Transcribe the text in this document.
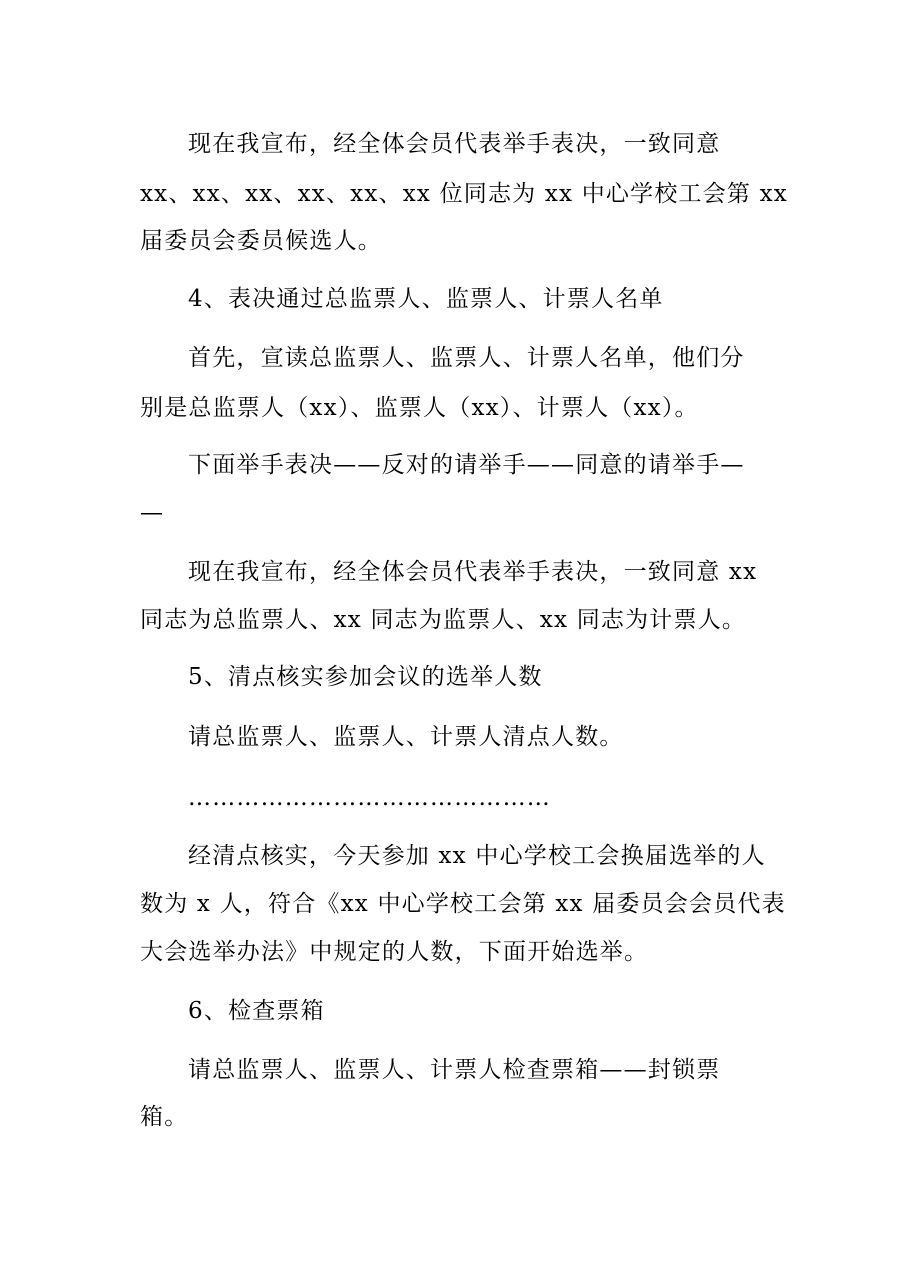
现在我宣布，经全体会员代表举手表决，一致同意
xx、xx、xx、xx、xx、xx 位同志为 xx 中心学校工会第 xx
届委员会委员候选人。
4、表决通过总监票人、监票人、计票人名单
首先，宣读总监票人、监票人、计票人名单，他们分
别是总监票人（xx）、监票人（xx）、计票人（xx）。
下面举手表决——反对的请举手——同意的请举手—
—
现在我宣布，经全体会员代表举手表决，一致同意 xx
同志为总监票人、xx 同志为监票人、xx 同志为计票人。
5、清点核实参加会议的选举人数
请总监票人、监票人、计票人清点人数。
………………………………………
经清点核实，今天参加 xx 中心学校工会换届选举的人
数为 x 人，符合《xx 中心学校工会第 xx 届委员会会员代表
大会选举办法》中规定的人数，下面开始选举。
6、检查票箱
请总监票人、监票人、计票人检查票箱——封锁票
箱。
